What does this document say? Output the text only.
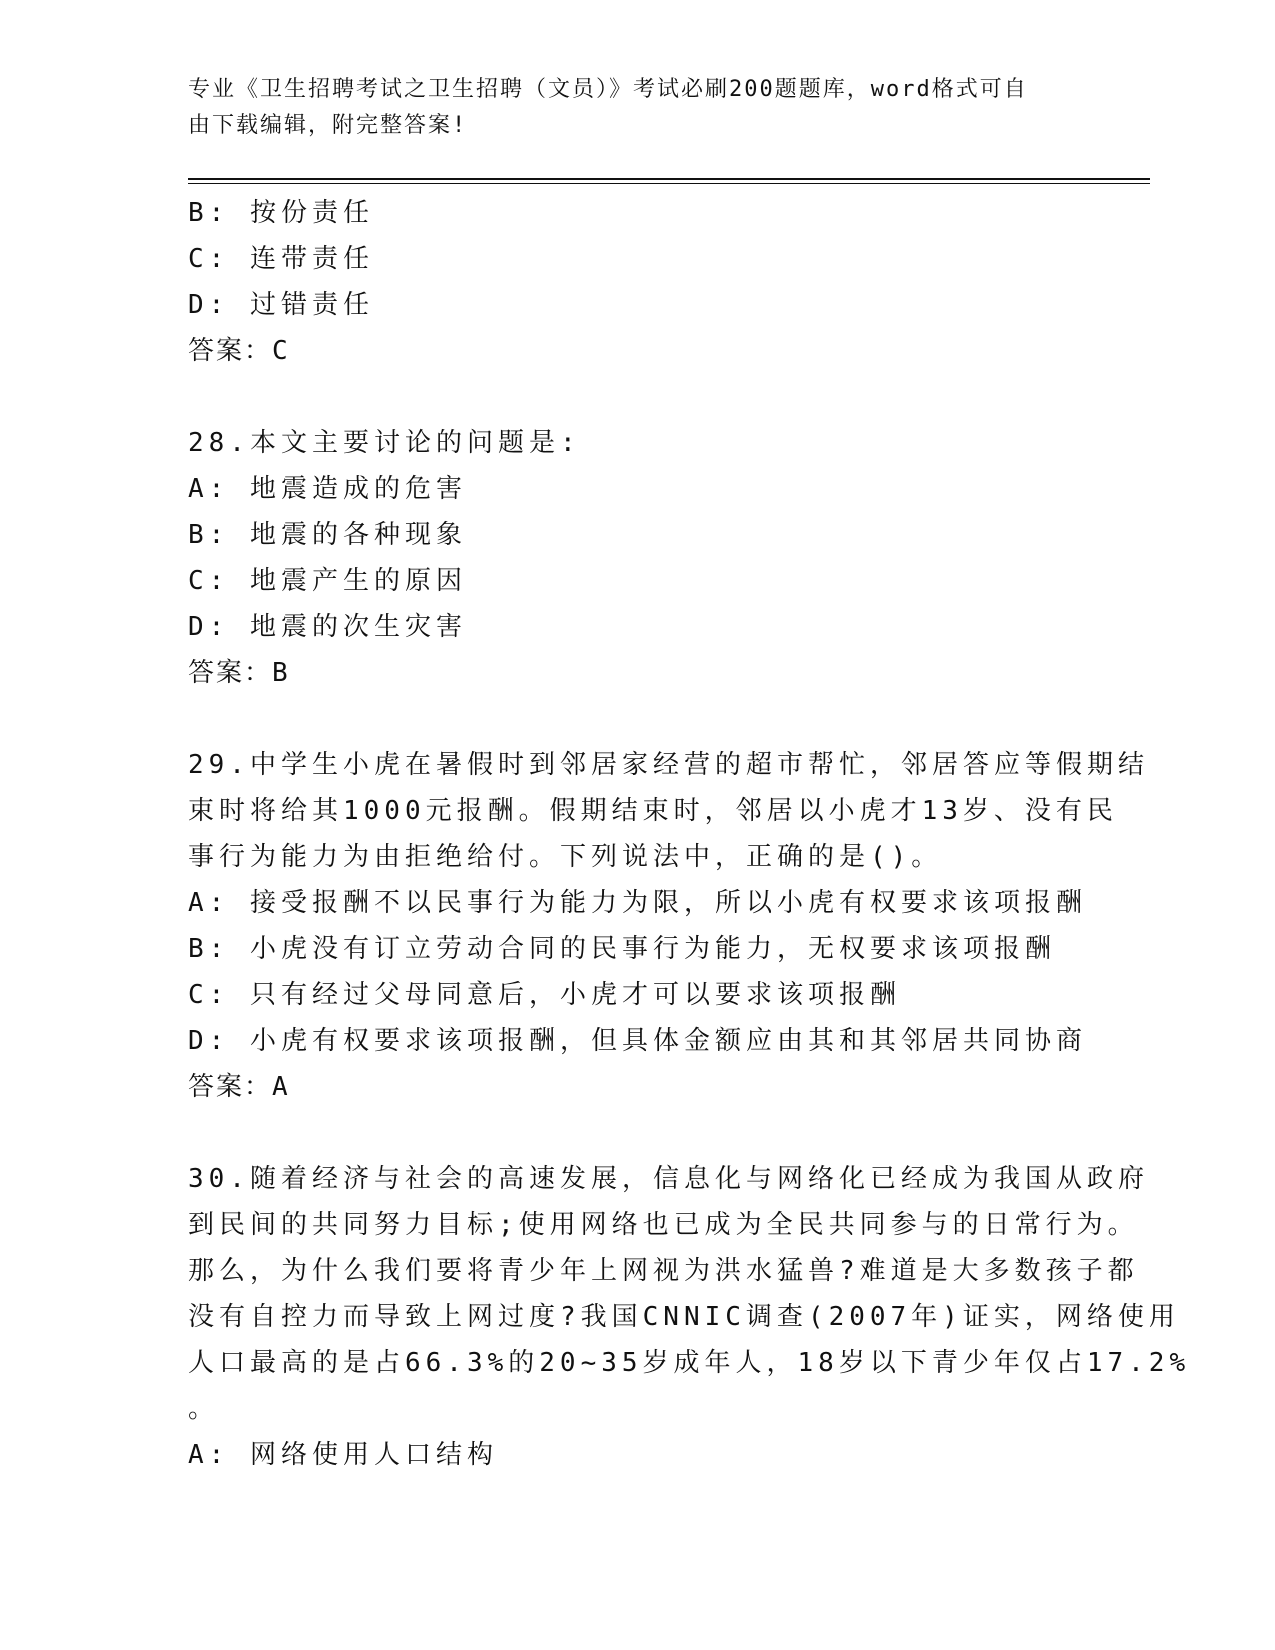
专业《卫生招聘考试之卫生招聘（文员）》考试必刷200题题库，word格式可自
由下载编辑，附完整答案!
B: 按份责任
C: 连带责任
D: 过错责任
答案：C
28.本文主要讨论的问题是:
A: 地震造成的危害
B: 地震的各种现象
C: 地震产生的原因
D: 地震的次生灾害
答案：B
29.中学生小虎在暑假时到邻居家经营的超市帮忙，邻居答应等假期结
束时将给其1000元报酬。假期结束时，邻居以小虎才13岁、没有民
事行为能力为由拒绝给付。下列说法中，正确的是()。
A: 接受报酬不以民事行为能力为限，所以小虎有权要求该项报酬
B: 小虎没有订立劳动合同的民事行为能力，无权要求该项报酬
C: 只有经过父母同意后，小虎才可以要求该项报酬
D: 小虎有权要求该项报酬，但具体金额应由其和其邻居共同协商
答案：A
30.随着经济与社会的高速发展，信息化与网络化已经成为我国从政府
到民间的共同努力目标;使用网络也已成为全民共同参与的日常行为。
那么，为什么我们要将青少年上网视为洪水猛兽?难道是大多数孩子都
没有自控力而导致上网过度?我国CNNIC调查(2007年)证实，网络使用
人口最高的是占66.3%的20~35岁成年人，18岁以下青少年仅占17.2%
。
A: 网络使用人口结构
